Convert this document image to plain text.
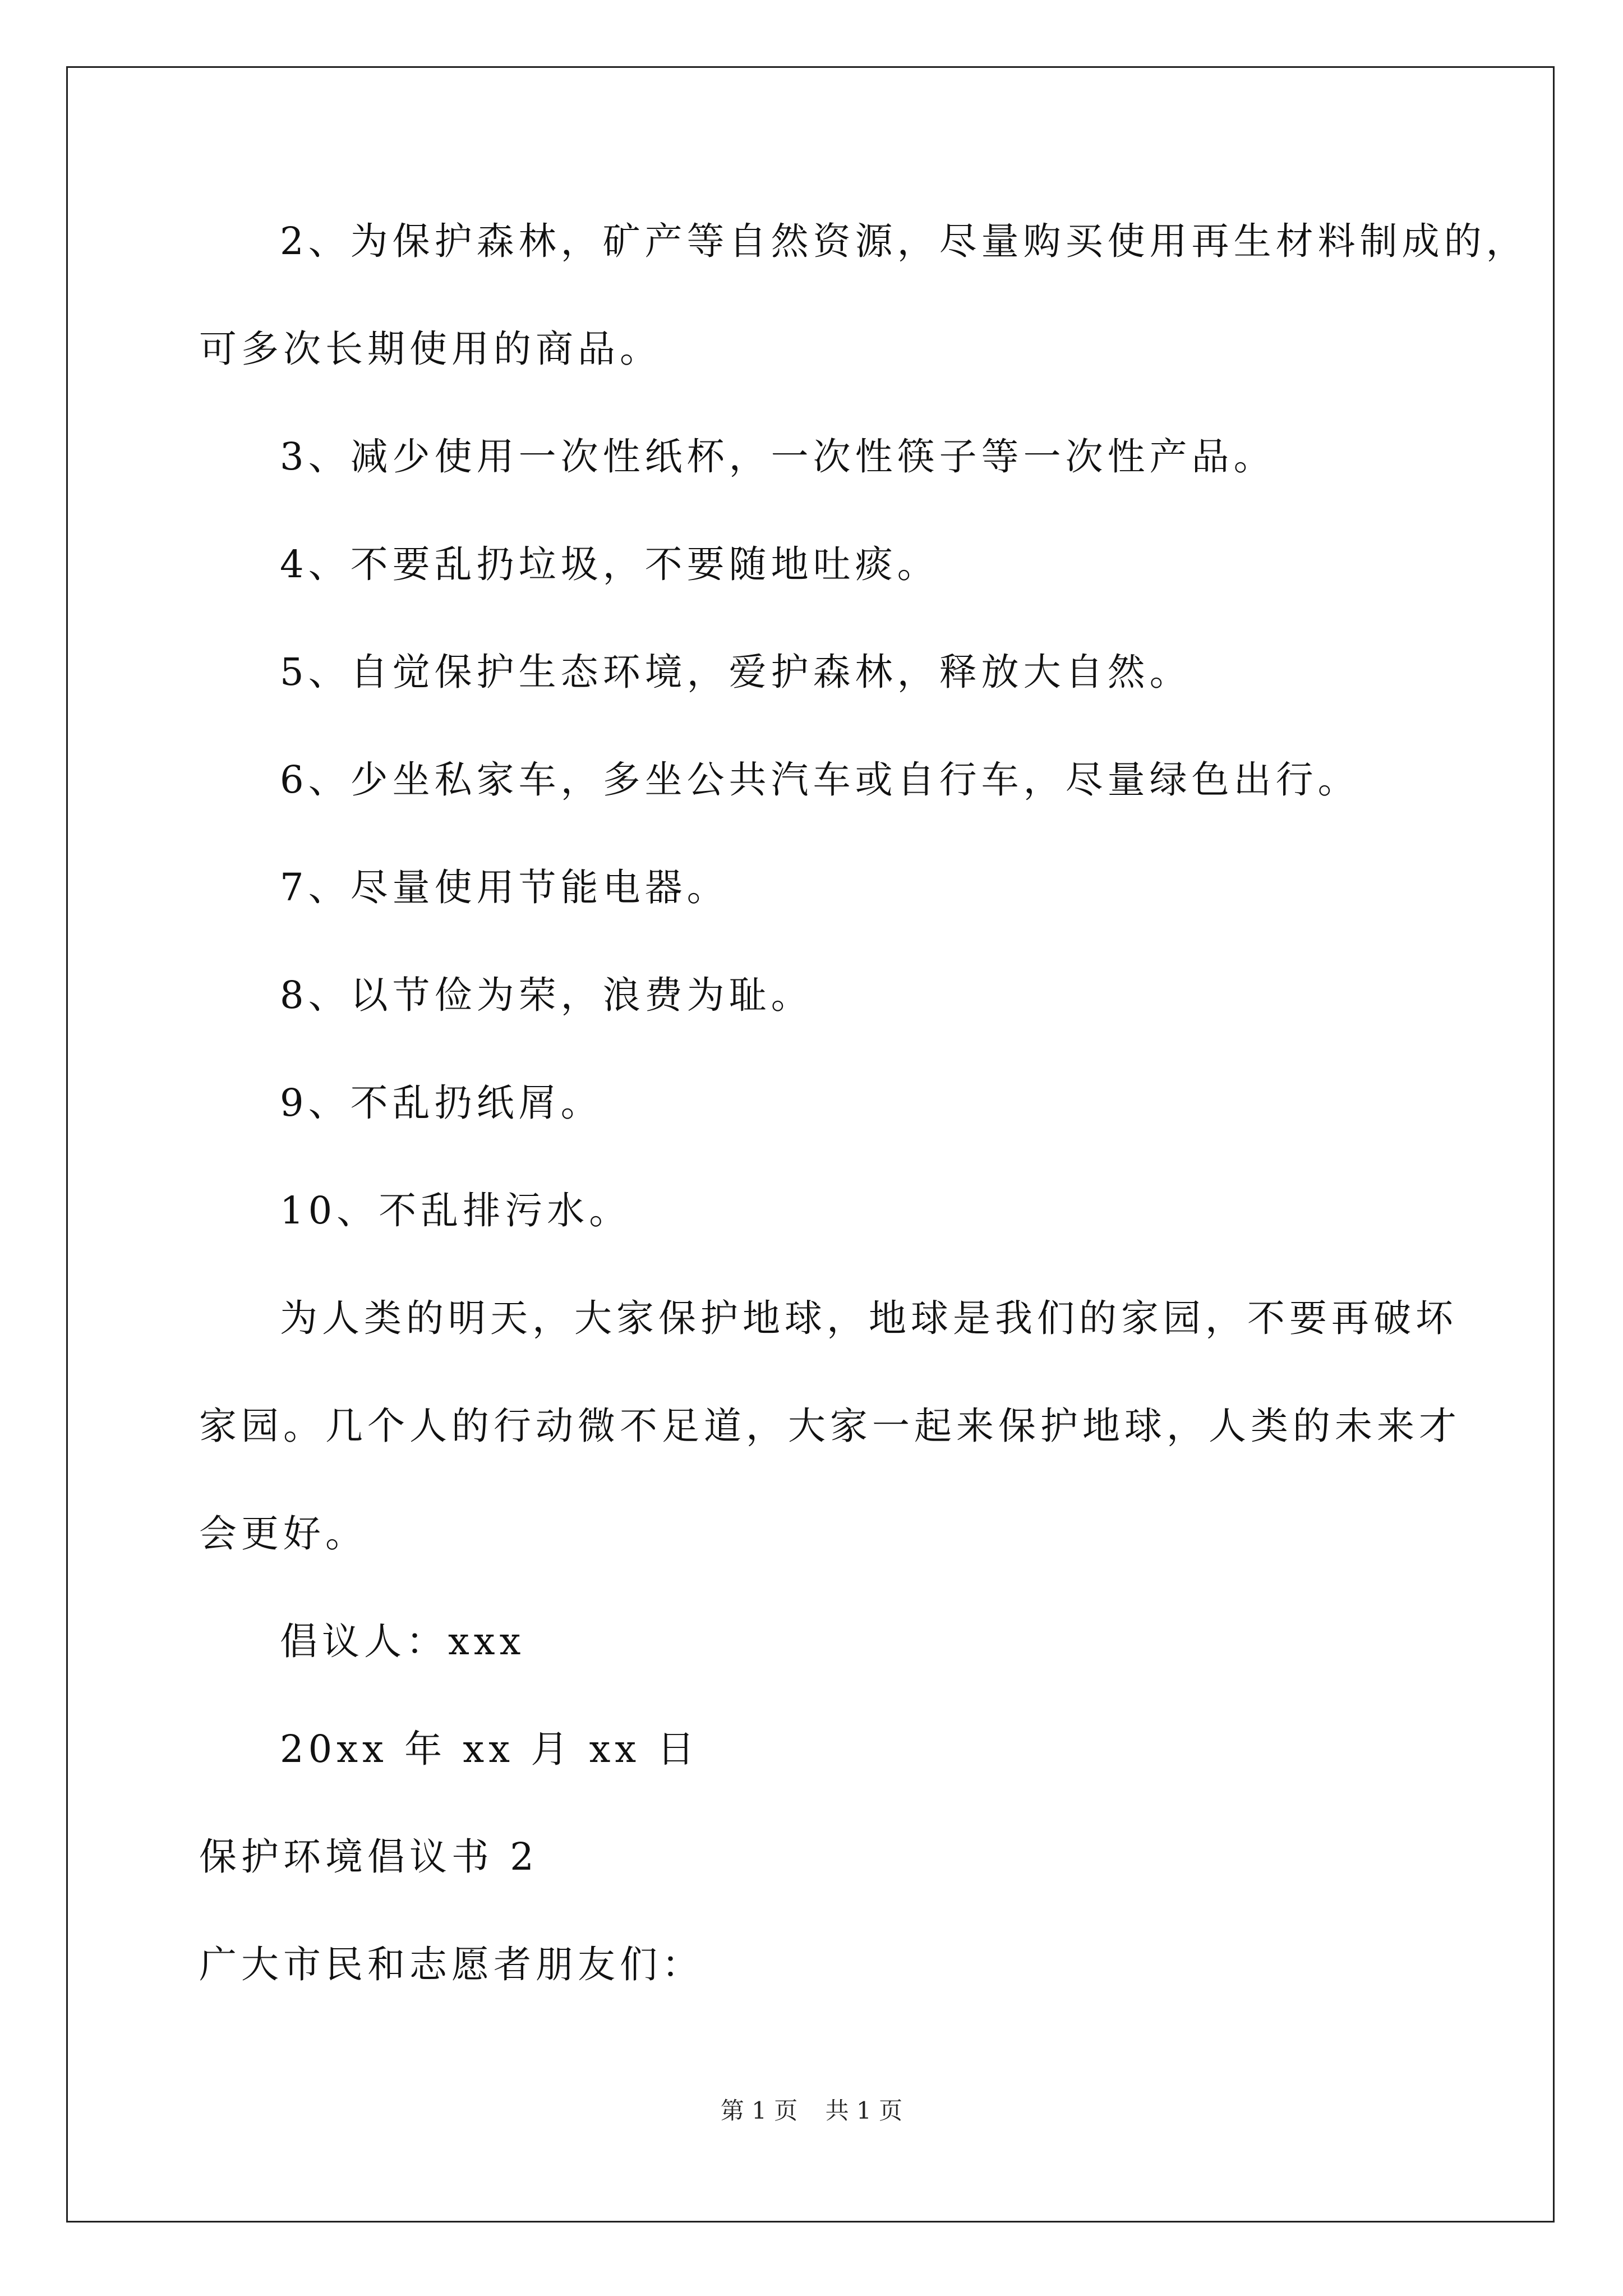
2、为保护森林，矿产等自然资源，尽量购买使用再生材料制成的，
可多次长期使用的商品。
3、减少使用一次性纸杯，一次性筷子等一次性产品。
4、不要乱扔垃圾，不要随地吐痰。
5、自觉保护生态环境，爱护森林，释放大自然。
6、少坐私家车，多坐公共汽车或自行车，尽量绿色出行。
7、尽量使用节能电器。
8、以节俭为荣，浪费为耻。
9、不乱扔纸屑。
10、不乱排污水。
为人类的明天，大家保护地球，地球是我们的家园，不要再破坏
家园。几个人的行动微不足道，大家一起来保护地球，人类的未来才
会更好。
倡议人：xxx
20xx 年 xx 月 xx 日
保护环境倡议书 2
广大市民和志愿者朋友们：
第 1 页 共 1 页
